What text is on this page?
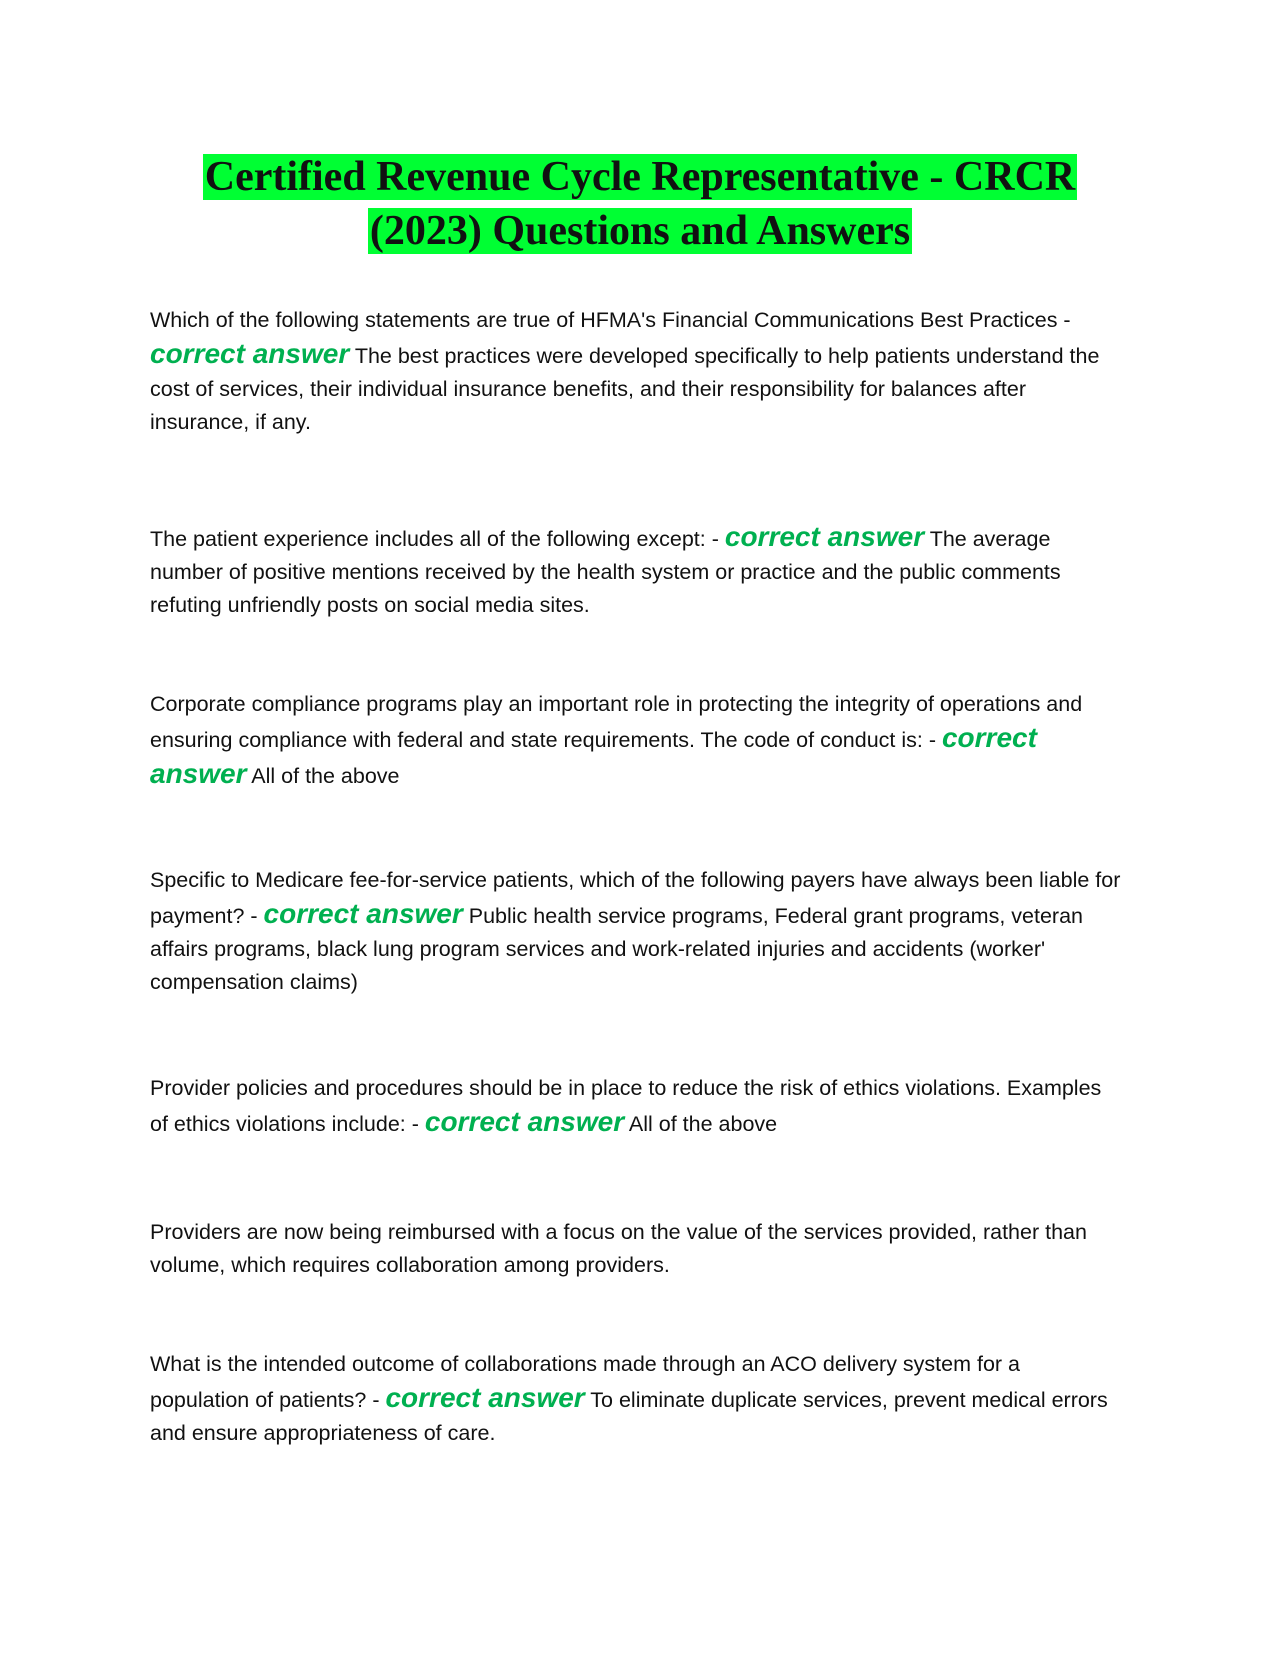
Certified Revenue Cycle Representative - CRCR
(2023) Questions and Answers

Which of the following statements are true of HFMA's Financial Communications Best Practices - correct answer The best practices were developed specifically to help patients understand the cost of services, their individual insurance benefits, and their responsibility for balances after insurance, if any.

The patient experience includes all of the following except: - correct answer The average number of positive mentions received by the health system or practice and the public comments refuting unfriendly posts on social media sites.

Corporate compliance programs play an important role in protecting the integrity of operations and ensuring compliance with federal and state requirements. The code of conduct is: - correct answer All of the above

Specific to Medicare fee-for-service patients, which of the following payers have always been liable for payment? - correct answer Public health service programs, Federal grant programs, veteran affairs programs, black lung program services and work-related injuries and accidents (worker' compensation claims)

Provider policies and procedures should be in place to reduce the risk of ethics violations. Examples of ethics violations include: - correct answer All of the above

Providers are now being reimbursed with a focus on the value of the services provided, rather than volume, which requires collaboration among providers.

What is the intended outcome of collaborations made through an ACO delivery system for a population of patients? - correct answer To eliminate duplicate services, prevent medical errors and ensure appropriateness of care.
